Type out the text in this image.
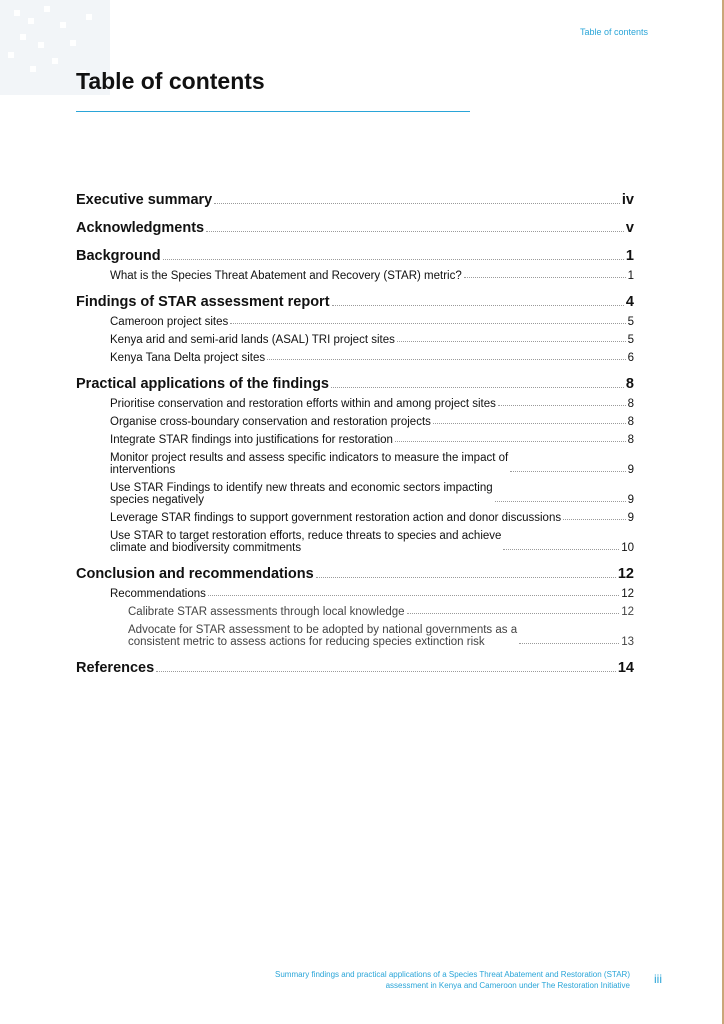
Table of contents
Table of contents
Executive summary	iv
Acknowledgments	v
Background	1
What is the Species Threat Abatement and Recovery (STAR) metric?	1
Findings of STAR assessment report	4
Cameroon project sites	5
Kenya arid and semi-arid lands (ASAL) TRI project sites	5
Kenya Tana Delta project sites	6
Practical applications of the findings	8
Prioritise conservation and restoration efforts within and among project sites	8
Organise cross-boundary conservation and restoration projects	8
Integrate STAR findings into justifications for restoration	8
Monitor project results and assess specific indicators to measure the impact of
interventions	9
Use STAR Findings to identify new threats and economic sectors impacting
species negatively	9
Leverage STAR findings to support government restoration action and donor discussions	9
Use STAR to target restoration efforts, reduce threats to species and achieve
climate and biodiversity commitments	10
Conclusion and recommendations	12
Recommendations	12
Calibrate STAR assessments through local knowledge	12
Advocate for STAR assessment to be adopted by national governments as a
consistent metric to assess actions for reducing species extinction risk	13
References	14
Summary findings and practical applications of a Species Threat Abatement and Restoration (STAR)
assessment in Kenya and Cameroon under The Restoration Initiative iii
